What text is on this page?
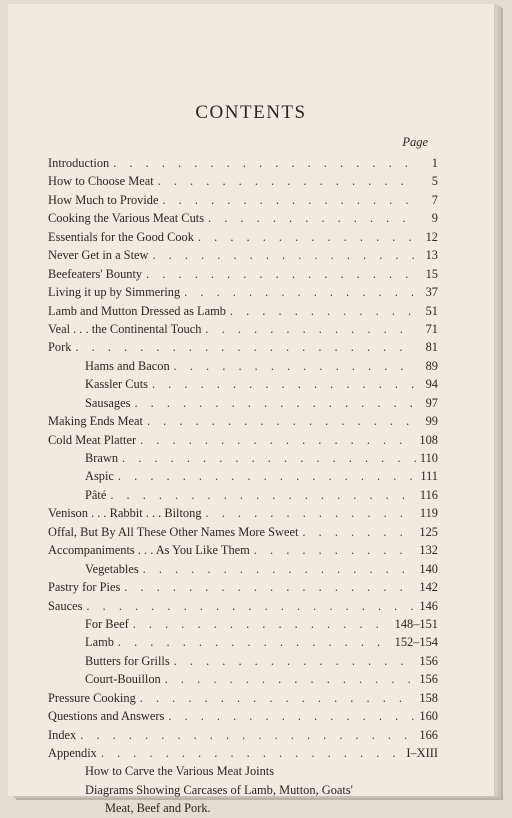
CONTENTS
Page
Introduction . . .	1
How to Choose Meat . . .	5
How Much to Provide . . .	7
Cooking the Various Meat Cuts . . .	9
Essentials for the Good Cook . . .	12
Never Get in a Stew . . .	13
Beefeaters' Bounty . . .	15
Living it up by Simmering . . .	37
Lamb and Mutton Dressed as Lamb . . .	51
Veal . . . the Continental Touch . . .	71
Pork . . .	81
Hams and Bacon . . .	89
Kassler Cuts . . .	94
Sausages . . .	97
Making Ends Meat . . .	99
Cold Meat Platter . . .	108
Brawn . . .	110
Aspic . . .	111
Pâté . . .	116
Venison . . . Rabbit . . . Biltong . . .	119
Offal, But By All These Other Names More Sweet . . .	125
Accompaniments . . . As You Like Them . . .	132
Vegetables . . .	140
Pastry for Pies . . .	142
Sauces . . .	146
For Beef . . .	148–151
Lamb . . .	152–154
Butters for Grills . . .	156
Court-Bouillon . . .	156
Pressure Cooking . . .	158
Questions and Answers . . .	160
Index . . .	166
Appendix . . .	I–XIII
How to Carve the Various Meat Joints
Diagrams Showing Carcases of Lamb, Mutton, Goats'
Meat, Beef and Pork.
